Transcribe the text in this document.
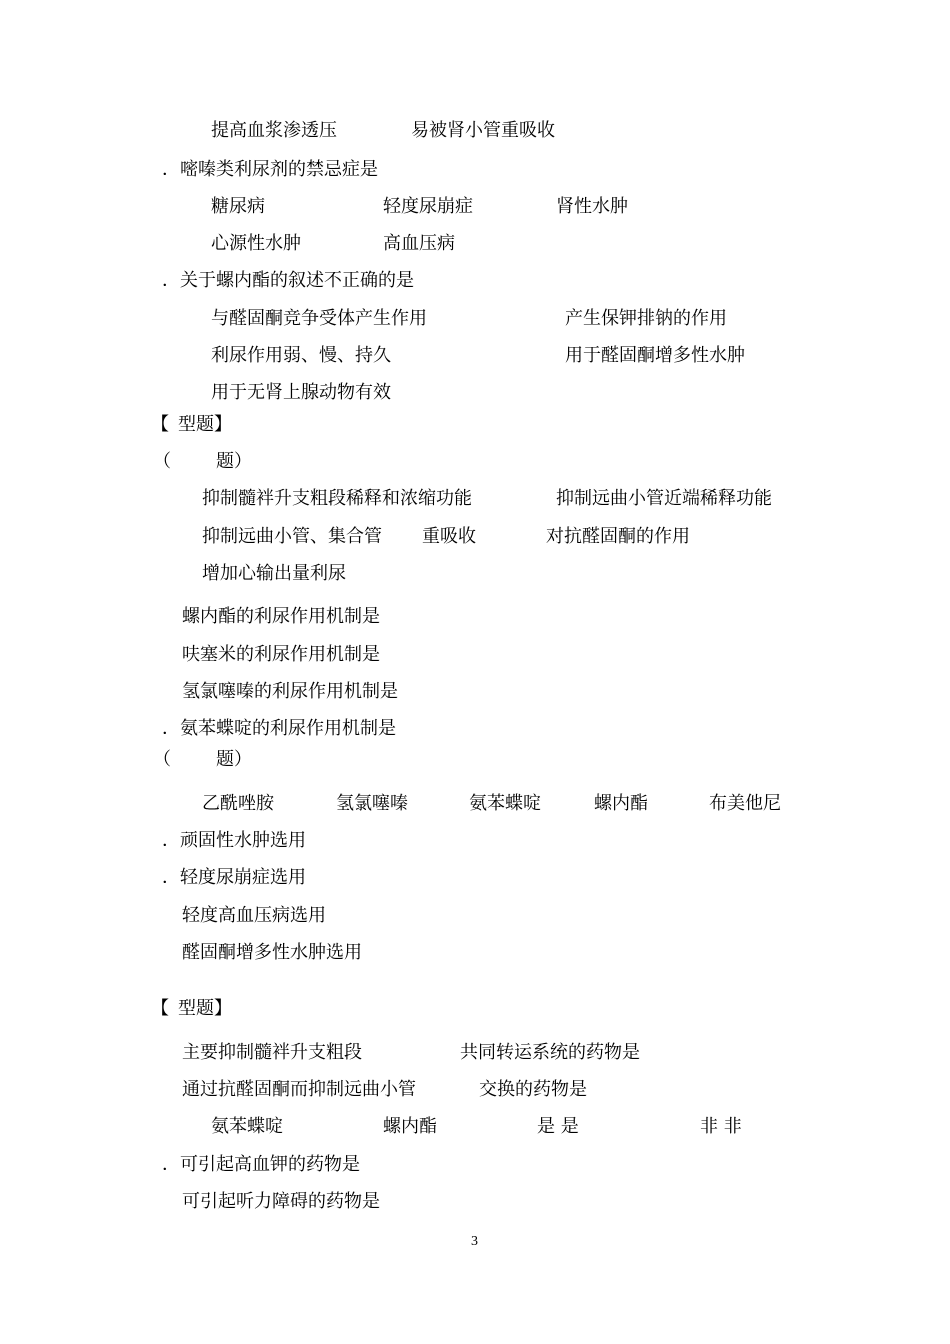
提高血浆渗透压	易被肾小管重吸收
．嘧嗪类利尿剂的禁忌症是
糖尿病	轻度尿崩症	肾性水肿
心源性水肿	高血压病
．关于螺内酯的叙述不正确的是
与醛固酮竞争受体产生作用	产生保钾排钠的作用
利尿作用弱、慢、持久	用于醛固酮增多性水肿
用于无肾上腺动物有效
【 型题】
（	题）
抑制髓袢升支粗段稀释和浓缩功能	抑制远曲小管近端稀释功能
抑制远曲小管、集合管 重吸收	对抗醛固酮的作用
增加心输出量利尿
螺内酯的利尿作用机制是
呋塞米的利尿作用机制是
氢氯噻嗪的利尿作用机制是
．氨苯蝶啶的利尿作用机制是
（	题）
乙酰唑胺	氢氯噻嗪	氨苯蝶啶	螺内酯	布美他尼
．顽固性水肿选用
．轻度尿崩症选用
轻度高血压病选用
醛固酮增多性水肿选用
【 型题】
主要抑制髓袢升支粗段	共同转运系统的药物是
通过抗醛固酮而抑制远曲小管	交换的药物是
氨苯蝶啶	螺内酯	是 是	非 非
．可引起高血钾的药物是
可引起听力障碍的药物是
3
